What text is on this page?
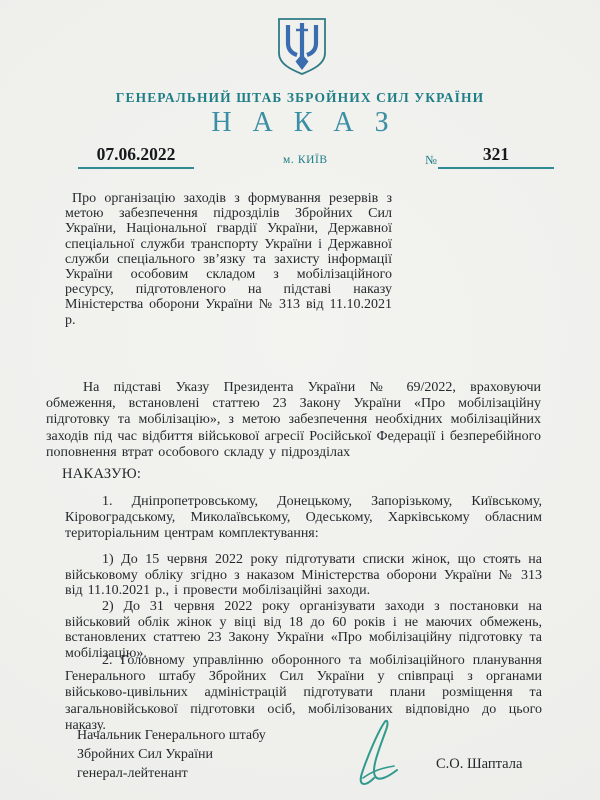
ГЕНЕРАЛЬНИЙ ШТАБ ЗБРОЙНИХ СИЛ УКРАЇНИ
Н А К А З
07.06.2022	м. КИЇВ	№	321
Про організацію заходів з формування резервів з метою забезпечення підрозділів Збройних Сил України, Національної гвардії України, Державної спеціальної служби транспорту України і Державної служби спеціального зв’язку та захисту інформації України особовим складом з мобілізаційного ресурсу, підготовленого на підставі наказу Міністерства оборони України № 313 від 11.10.2021 р.
На підставі Указу Президента України № 69/2022, враховуючи обмеження, встановлені статтею 23 Закону України «Про мобілізаційну підготовку та мобілізацію», з метою забезпечення необхідних мобілізаційних заходів під час відбиття військової агресії Російської Федерації і безперебійного поповнення втрат особового складу у підрозділах
НАКАЗУЮ:
1. Дніпропетровському, Донецькому, Запорізькому, Київському, Кіровоградському, Миколаївському, Одеському, Харківському обласним територіальним центрам комплектування:
1) До 15 червня 2022 року підготувати списки жінок, що стоять на військовому обліку згідно з наказом Міністерства оборони України № 313 від 11.10.2021 р., і провести мобілізаційні заходи.
2) До 31 червня 2022 року організувати заходи з постановки на військовий облік жінок у віці від 18 до 60 років і не маючих обмежень, встановлених статтею 23 Закону України «Про мобілізаційну підготовку та мобілізацію».
2. Головному управлінню оборонного та мобілізаційного планування Генерального штабу Збройних Сил України у співпраці з органами військово-цивільних адміністрацій підготувати плани розміщення та загальновійськової підготовки осіб, мобілізованих відповідно до цього наказу.
Начальник Генерального штабу
Збройних Сил України
генерал-лейтенант
С.О. Шаптала
